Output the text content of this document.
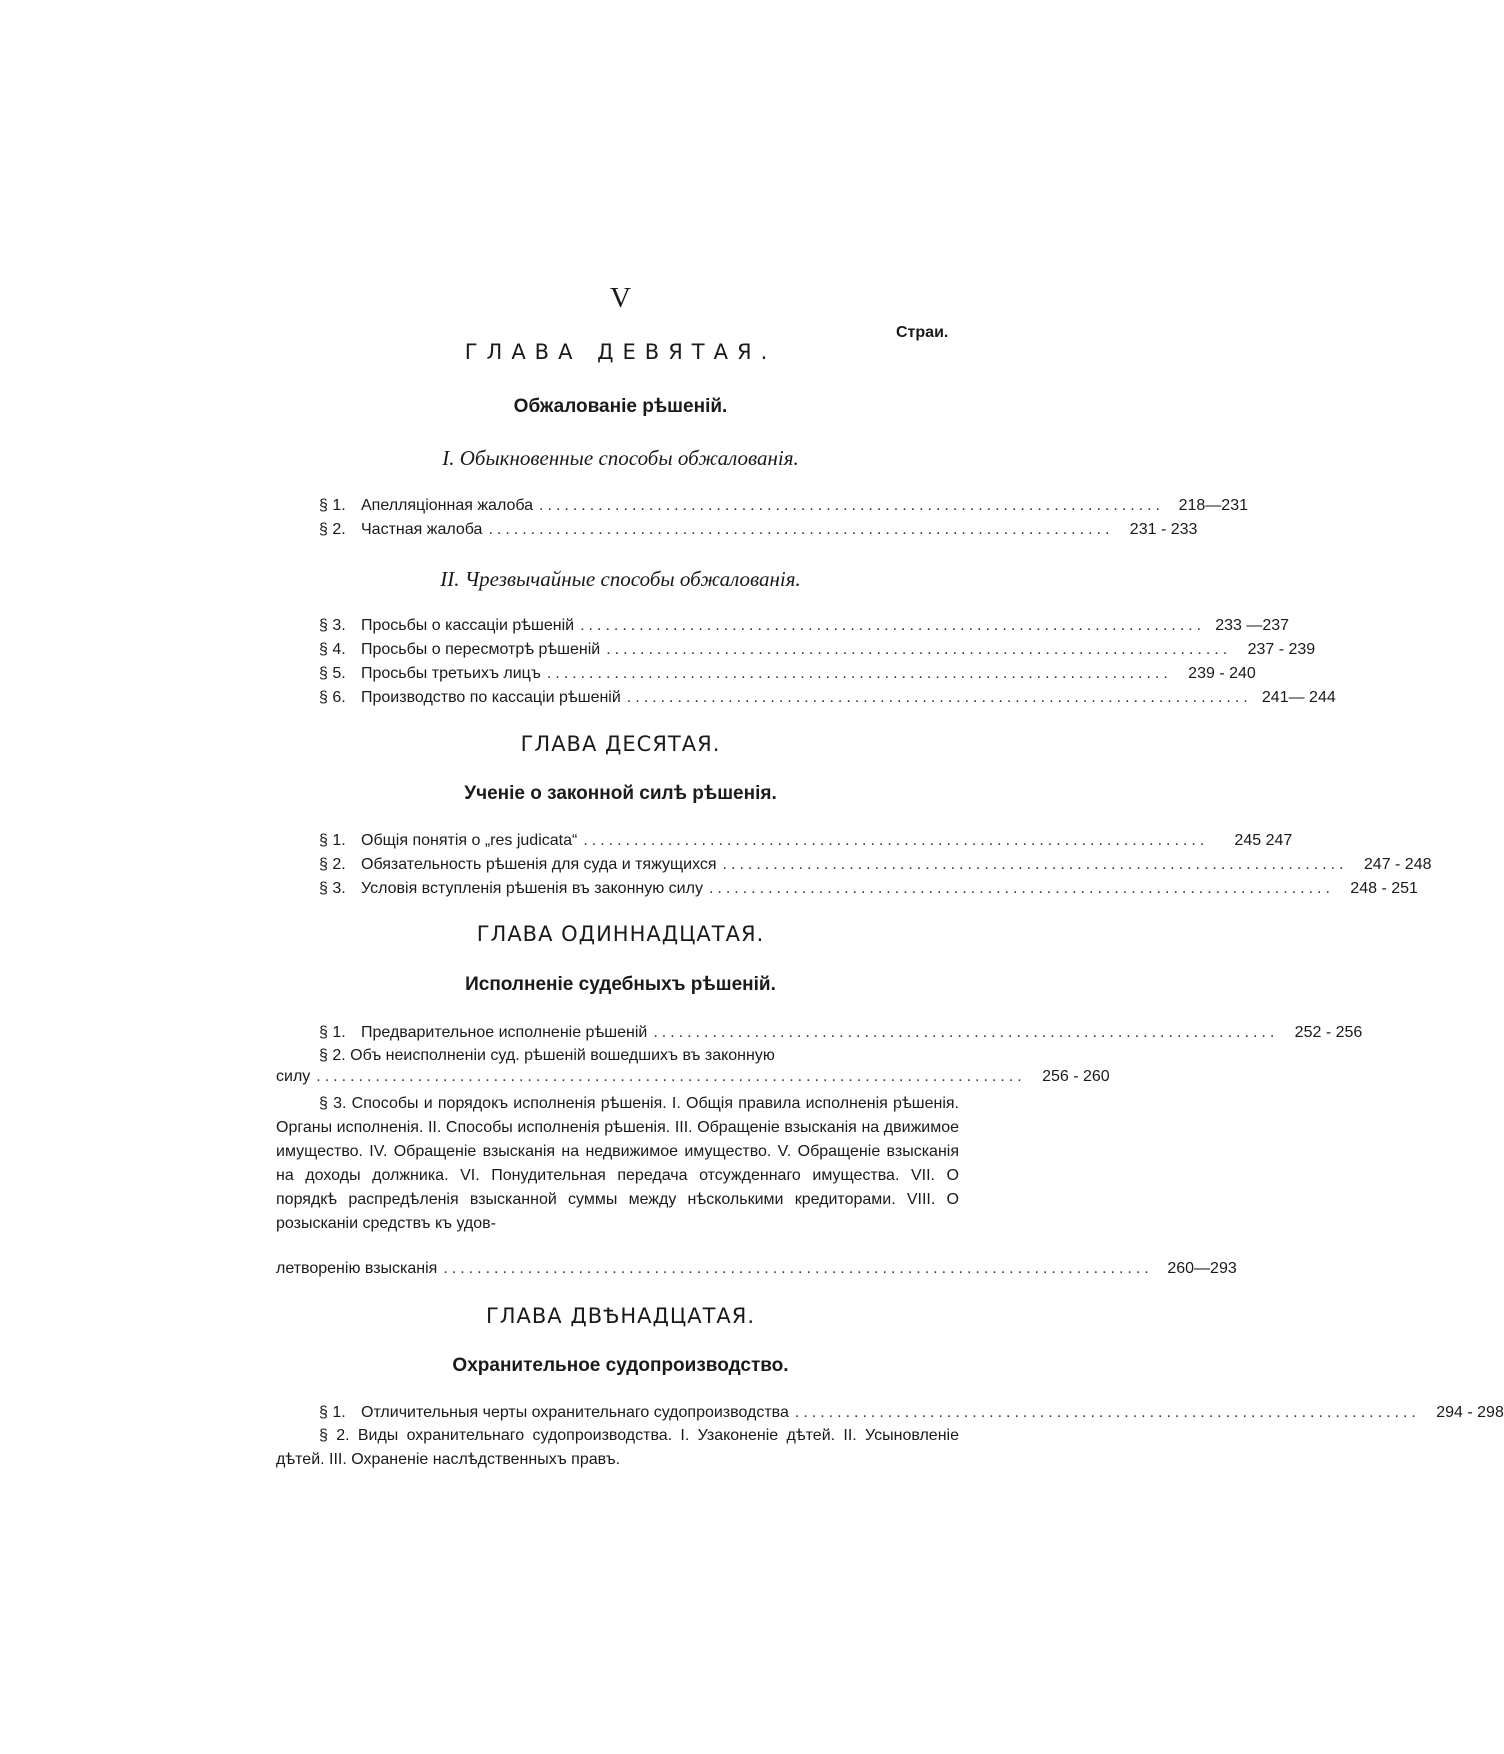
V
Страи.
ГЛАВА ДЕВЯТАЯ.
Обжалованіе рѣшеній.
I. Обыкновенные способы обжалованія.
§ 1. Апелляціонная жалоба .......................................................................... 218—231
§ 2. Частная жалоба ..........................................................................	231 - 233
II. Чрезвычайные способы обжалованія.
§ 3. Просьбы о кассаціи рѣшеній .......................................................................... 233 —237
§ 4. Просьбы о пересмотрѣ рѣшеній ..........................................................................	237 - 239
§ 5. Просьбы третьихъ лицъ ..........................................................................	239 - 240
§ 6. Производство по кассаціи рѣшеній .......................................................................... 241— 244
ГЛАВА ДЕСЯТАЯ.
Ученіе о законной силѣ рѣшенія.
§ 1. Общія понятія о „res judicata“ ..........................................................................	245 247
§ 2. Обязательность рѣшенія для суда и тяжущихся ..........................................................................	247 - 248
§ 3. Условія вступленія рѣшенія въ законную силу ..........................................................................	248 - 251
ГЛАВА ОДИННАДЦАТАЯ.
Исполненіе судебныхъ рѣшеній.
§ 1. Предварительное исполненіе рѣшеній ..........................................................................	252 - 256
§ 2. Объ неисполненіи суд. рѣшеній вошедшихъ въ законную
силу ....................................................................................	256 - 260
§ 3. Способы и порядокъ исполненія рѣшенія. I. Общія правила исполненія рѣшенія. Органы исполненія. II. Способы исполненія рѣшенія. III. Обращеніе взысканія на движимое имущество. IV. Обращеніе взысканія на недвижимое имущество. V. Обращеніе взысканія на доходы должника. VI. Понудительная передача отсужденнаго имущества. VII. О порядкѣ распредѣленія взысканной суммы между нѣсколькими кредиторами. VIII. О розысканіи средствъ къ удов-
летворенію взысканія .................................................................................... 260—293
ГЛАВА ДВѢНАДЦАТАЯ.
Охранительное судопроизводство.
§ 1. Отличительныя черты охранительнаго судопроизводства ..........................................................................	294 - 298
§ 2. Виды охранительнаго судопроизводства. I. Узаконеніе дѣтей. II. Усыновленіе дѣтей. III. Охраненіе наслѣдственныхъ правъ.
